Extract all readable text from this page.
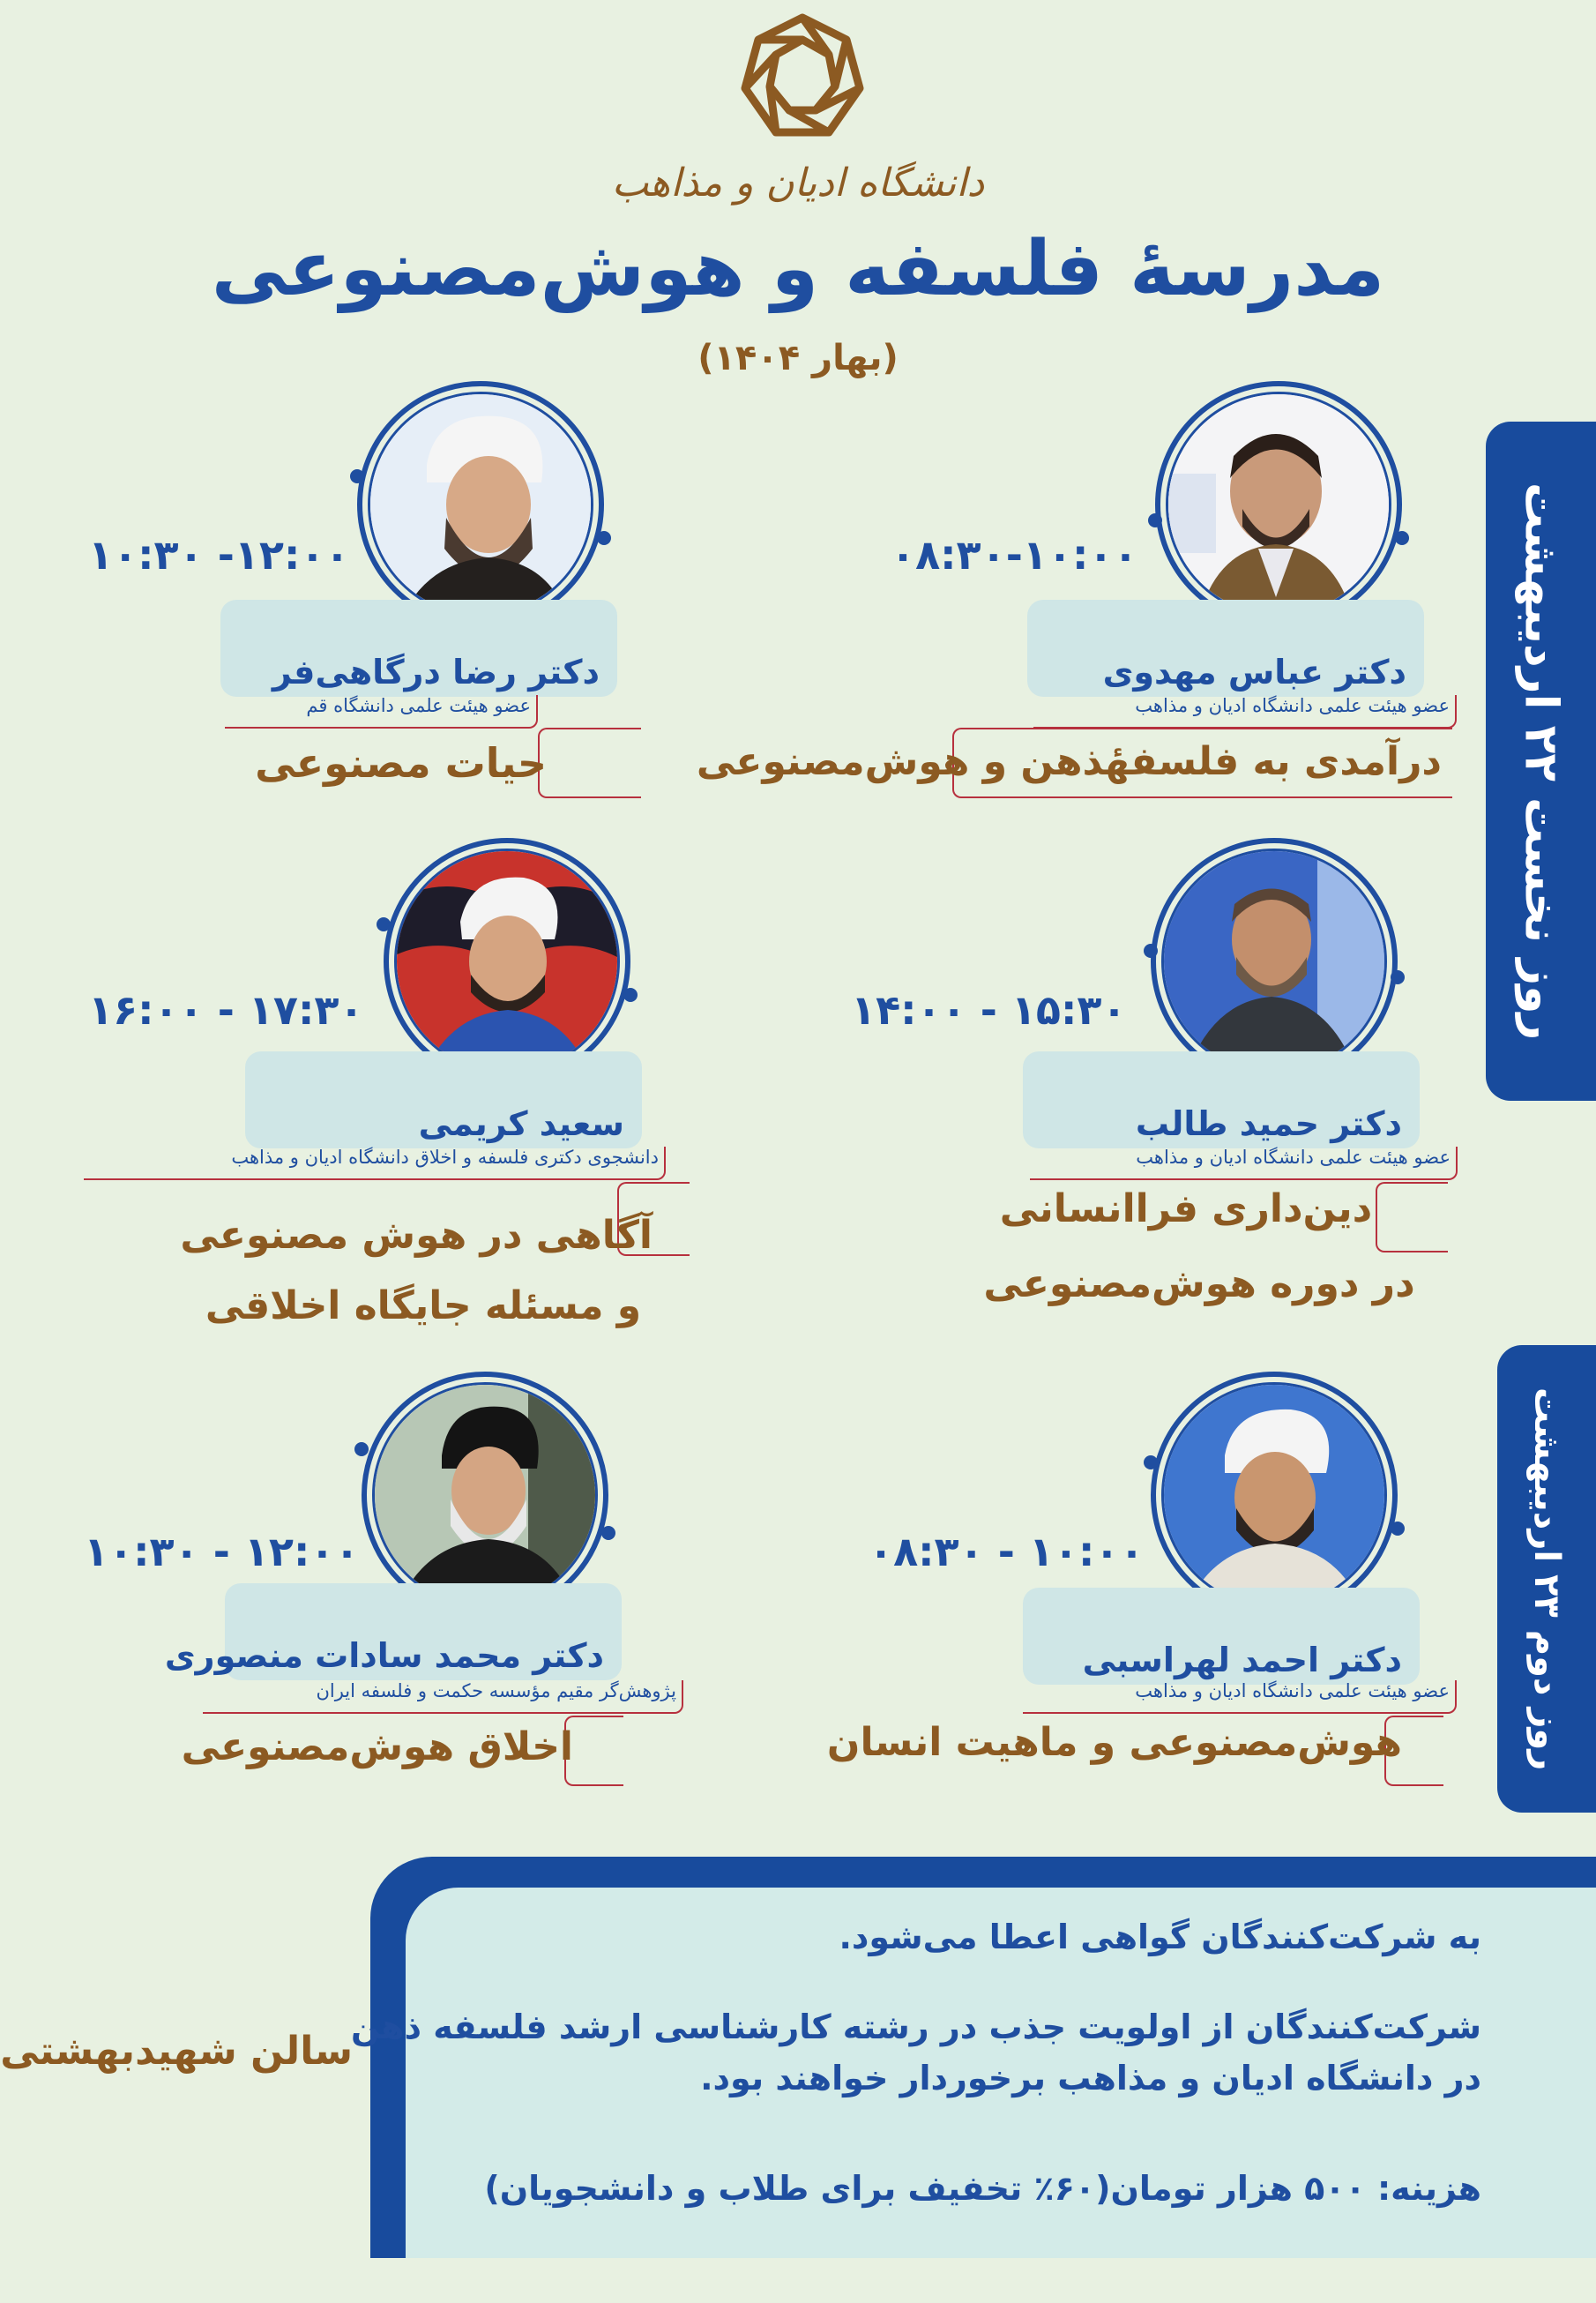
دانشگاه ادیان و مذاهب
مدرسهٔ فلسفه و هوش‌مصنوعی
(بهار ۱۴۰۴)
روز نخست ۲۲ اردیبهشت
روز دوم ۲۳ اردیبهشت
دکتر عباس مهدوی
عضو هیئت علمی دانشگاه ادیان و مذاهب
درآمدی به فلسفهٔذهن و هوش‌مصنوعی
۰۸:۳۰-۱۰:۰۰
دکتر رضا درگاهی‌فر
عضو هیئت علمی دانشگاه قم
حیات مصنوعی
۱۰:۳۰ -۱۲:۰۰
دکتر حمید طالب
عضو هیئت علمی دانشگاه ادیان و مذاهب
دین‌داری فراانسانی
در دوره هوش‌مصنوعی
۱۴:۰۰ - ۱۵:۳۰
سعید کریمی
دانشجوی دکتری فلسفه و اخلاق دانشگاه ادیان و مذاهب
آگاهی در هوش مصنوعی
و مسئله جایگاه اخلاقی
۱۶:۰۰ - ۱۷:۳۰
دکتر احمد لهراسبی
عضو هیئت علمی دانشگاه ادیان و مذاهب
هوش‌مصنوعی و ماهیت انسان
۰۸:۳۰ - ۱۰:۰۰
دکتر محمد سادات منصوری
پژوهش‌گر مقیم مؤسسه حکمت و فلسفه ایران
اخلاق هوش‌مصنوعی
۱۰:۳۰ - ۱۲:۰۰
به شرکت‌کنندگان گواهی اعطا می‌شود.
شرکت‌کنندگان از اولویت جذب در رشته کارشناسی ارشد فلسفه ذهن
در دانشگاه ادیان و مذاهب برخوردار خواهند بود.
هزینه: ۵۰۰ هزار تومان(۶۰٪ تخفیف برای طلاب و دانشجویان)
سالن شهیدبهشتی
